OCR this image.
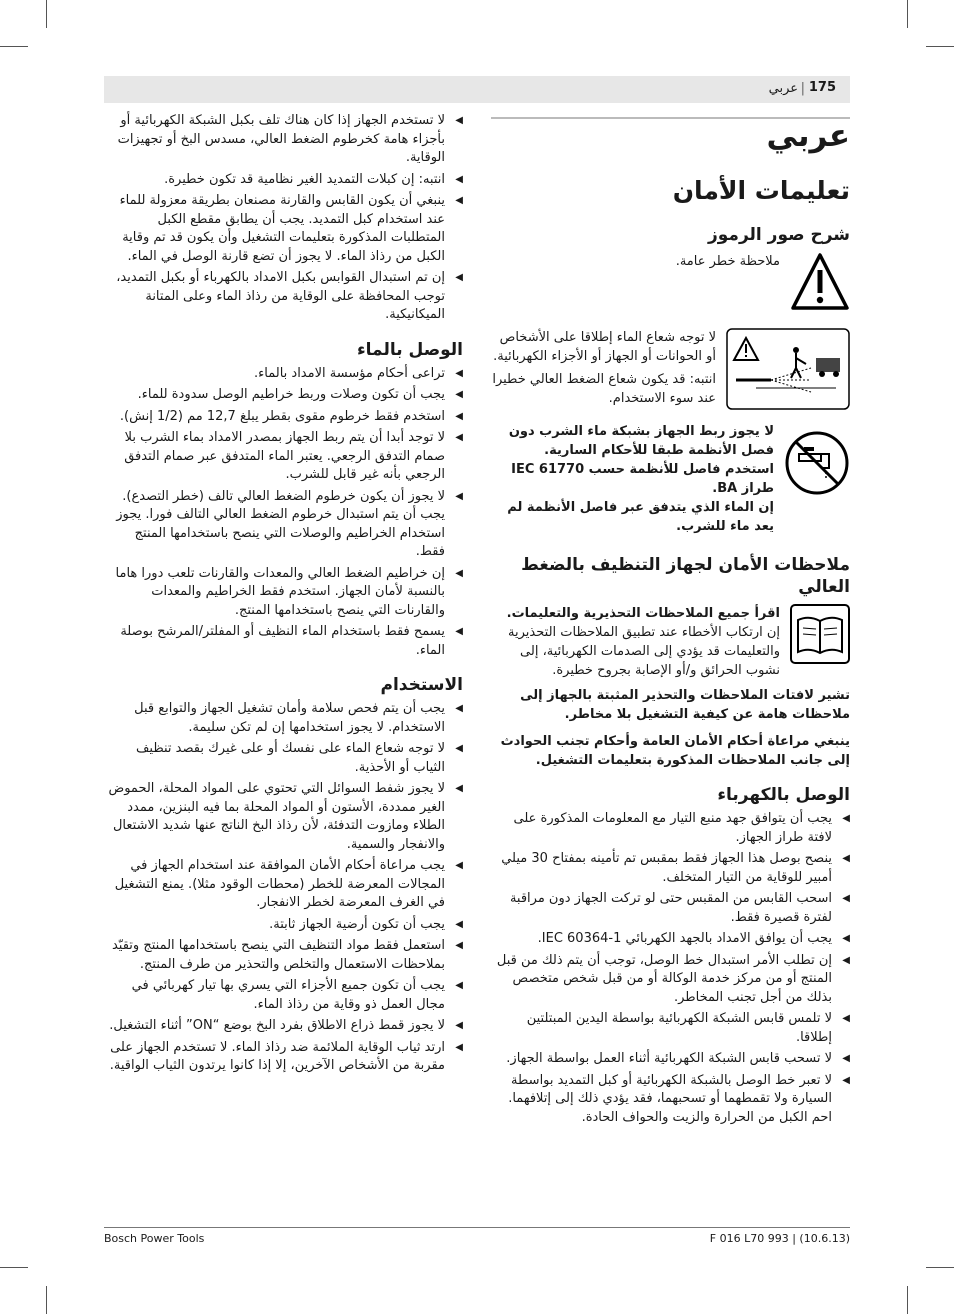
175
|
عربي
عربي
تعليمات الأمان
شرح صور الرموز

ملاحظة خطر عامة.

لا توجه شعاع الماء إطلاقا على الأشخاص أو الحوانات أو الجهاز أو الأجزاء الكهربائية.

انتبه: قد يكون شعاع الضغط العالي خطيرا عند سوء الاستخدام.

لا يجوز ربط الجهاز بشبكة ماء الشرب دون فصل الأنظمة طبقا للأحكام السارية. استخدم فاصل للأنظمة حسب IEC 61770 طراز BA.

إن الماء الذي يتدفق عبر فاصل الأنظمة لم يعد ماء للشرب.

ملاحظات الأمان لجهاز التنظيف بالضغط العالي

اقرأ جميع الملاحظات التحذيرية والتعليمات.

إن ارتكاب الأخطاء عند تطبيق الملاحظات التحذيرية والتعليمات قد يؤدي إلى الصدمات الكهربائية، إلى نشوب الحرائق و/أو الإصابة بجروح خطيرة.

تشير لافتات الملاحظات والتحذير المثبتة بالجهاز إلى ملاحظات هامة عن كيفية التشغيل بلا مخاطر.

ينبغي مراعاة أحكام الأمان العامة وأحكام تجنب الحوادث إلى جانب الملاحظات المذكورة بتعليمات التشغيل.

الوصل بالكهرباء
◀
يجب أن يتوافق جهد منبع التيار مع المعلومات المذكورة على لافتة طراز الجهاز.
◀
ينصح بوصل هذا الجهاز فقط بمقبس تم تأمينه بمفتاح 30 ميلي أمبير للوقاية من التيار المتخلف.
◀
اسحب القابس من المقبس حتى لو تركت الجهاز دون مراقبة لفترة قصيرة فقط.
◀
يجب أن يوافق الامداد بالجهد الكهربائي IEC 60364-1.
◀
إن تطلب الأمر استبدال خط الوصل، توجب أن يتم ذلك من قبل المنتج أو من مركز خدمة الوكالة أو من قبل شخص متخصص بذلك من أجل تجنب المخاطر.
◀
لا تلمس قابس الشبكة الكهربائية بواسطة اليدين المبتلتين إطلاقا.
◀
لا تسحب قابس الشبكة الكهربائية أثناء العمل بواسطة الجهاز.
◀
لا تعبر خط الوصل بالشبكة الكهربائية أو كبل التمديد بواسطة السيارة ولا تقمطهما أو تسحبهما، فقد يؤدي ذلك إلى إتلافهما. احم الكبل من الحرارة والزيت والحواف الحادة.
◀
لا تستخدم الجهاز إذا كان هناك تلف بكبل الشبكة الكهربائية أو بأجزاء هامة كخرطوم الضغط العالي، مسدس البخ أو تجهيزات الوقاية.
◀
انتبه: إن كبلات التمديد الغير نظامية قد تكون خطيرة.
◀
ينبغي أن يكون القابس والقارنة مصنعان بطريقة معزولة للماء عند استخدام كبل التمديد. يجب أن يطابق مقطع الكبل المتطلبات المذكورة بتعليمات التشغيل وأن يكون قد تم وقاية الكبل من رذاذ الماء. لا يجوز أن تضع قارنة الوصل في الماء.
◀
إن تم استبدال القوابس بكبل الامداد بالكهرباء أو بكبل التمديد، توجب المحافظة على الوقاية من رذاذ الماء وعلى المتانة الميكانيكية.
الوصل بالماء
◀
تراعى أحكام مؤسسة الامداد بالماء.
◀
يجب أن تكون وصلات وربط خراطيم الوصل سدودة للماء.
◀
استخدم فقط خرطوم مقوى بقطر يبلغ 12,7 مم (1/2 إنش).
◀
لا توجد أبدا أن يتم ربط الجهاز بمصدر الامداد بماء الشرب بلا صمام التدفق الرجعي. يعتبر الماء المتدفق عبر صمام التدفق الرجعي بأنه غير قابل للشرب.
◀
لا يجوز أن يكون خرطوم الضغط العالي تالف (خطر التصدع). يجب أن يتم استبدال خرطوم الضغط العالي التالف فورا. يجوز استخدام الخراطيم والوصلات التي ينصح باستخدامها المنتج فقط.
◀
إن خراطيم الضغط العالي والمعدات والقارنات تلعب دورا هاما بالنسبة لأمان الجهاز. استخدم فقط الخراطيم والمعدات والقارنات التي ينصح باستخدامها المنتج.
◀
يسمح فقط باستخدام الماء النظيف أو المفلتر/المرشح بوصلة الماء.
الاستخدام
◀
يجب أن يتم فحص سلامة وأمان تشغيل الجهاز والتوابع قبل الاستخدام. لا يجوز استخدامها إن لم تكن سليمة.
◀
لا توجه شعاع الماء على نفسك أو على غيرك بقصد تنظيف الثياب أو الأحذية.
◀
لا يجوز شفط السوائل التي تحتوي على المواد المحلة، الحموض الغير ممددة، الأستون أو المواد المحلة بما فيه البنزين، ممدد الطلاء ومازوت التدفئة، لأن رذاذ البخ الناتج عنها شديد الاشتعال والانفجار والسمية.
◀
يجب مراعاة أحكام الأمان الموافقة عند استخدام الجهاز في المجالات المعرضة للخطر (محطات الوقود مثلا). يمنع التشغيل في الغرف المعرضة لخطر الانفجار.
◀
يجب أن تكون أرضية الجهاز ثابتة.
◀
استعمل فقط مواد التنظيف التي ينصح باستخدامها المنتج وتقيّد بملاحظات الاستعمال والتخلص والتحذير من طرف المنتج.
◀
يجب أن تكون جميع الأجزاء التي يسري بها تيار كهربائي في مجال العمل ذو وقاية من رذاذ الماء.
◀
لا يجوز قمط ذراع الاطلاق بفرد البخ بوضع “ON” أثناء التشغيل.
◀
ارتد ثياب الوقاية الملائمة ضد رذاذ الماء. لا تستخدم الجهاز على مقربة من الأشخاص الآخرين، إلا إذا كانوا يرتدون الثياب الواقية.
Bosch Power Tools	F 016 L70 993 | (10.6.13)
